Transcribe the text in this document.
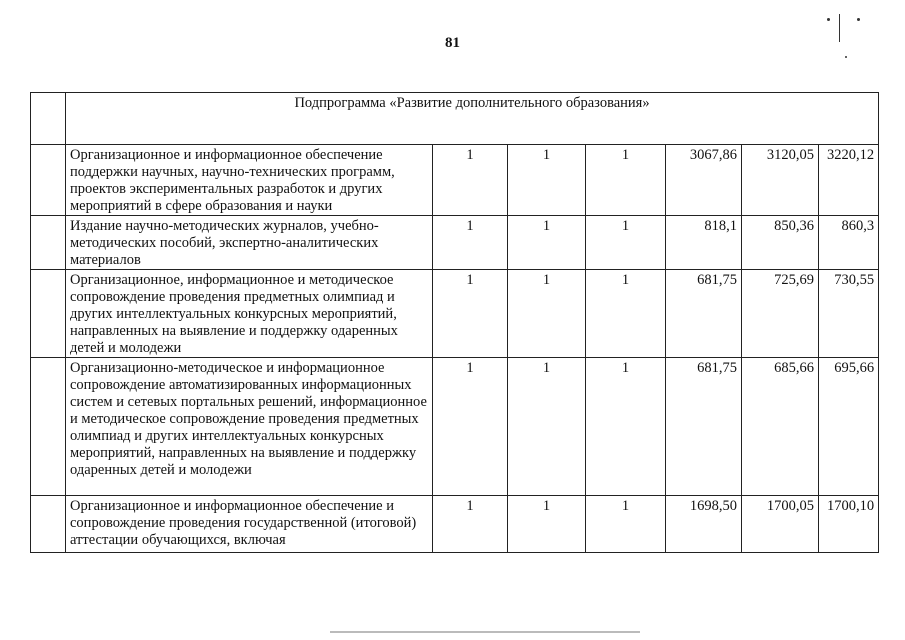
81
	Подпрограмма «Развитие дополнительного образования»						
	Организационное и информационное обеспечение поддержки научных, научно-технических программ, проектов экспериментальных разработок и других мероприятий в сфере образования и науки	1	1	1	3067,86	3120,05	3220,12
	Издание научно-методических журналов, учебно-методических пособий, экспертно-аналитических материалов	1	1	1	818,1	850,36	860,3
	Организационное, информационное и методическое сопровождение проведения предметных олимпиад и других интеллектуальных конкурсных мероприятий, направленных на выявление и поддержку одаренных детей и молодежи	1	1	1	681,75	725,69	730,55
	Организационно-методическое и информационное сопровождение автоматизированных информационных систем и сетевых портальных решений, информационное и методическое сопровождение проведения предметных олимпиад и других интеллектуальных конкурсных мероприятий, направленных на выявление и поддержку одаренных детей и молодежи	1	1	1	681,75	685,66	695,66
	Организационное и информационное обеспечение и сопровождение проведения государственной (итоговой) аттестации обучающихся, включая	1	1	1	1698,50	1700,05	1700,10
